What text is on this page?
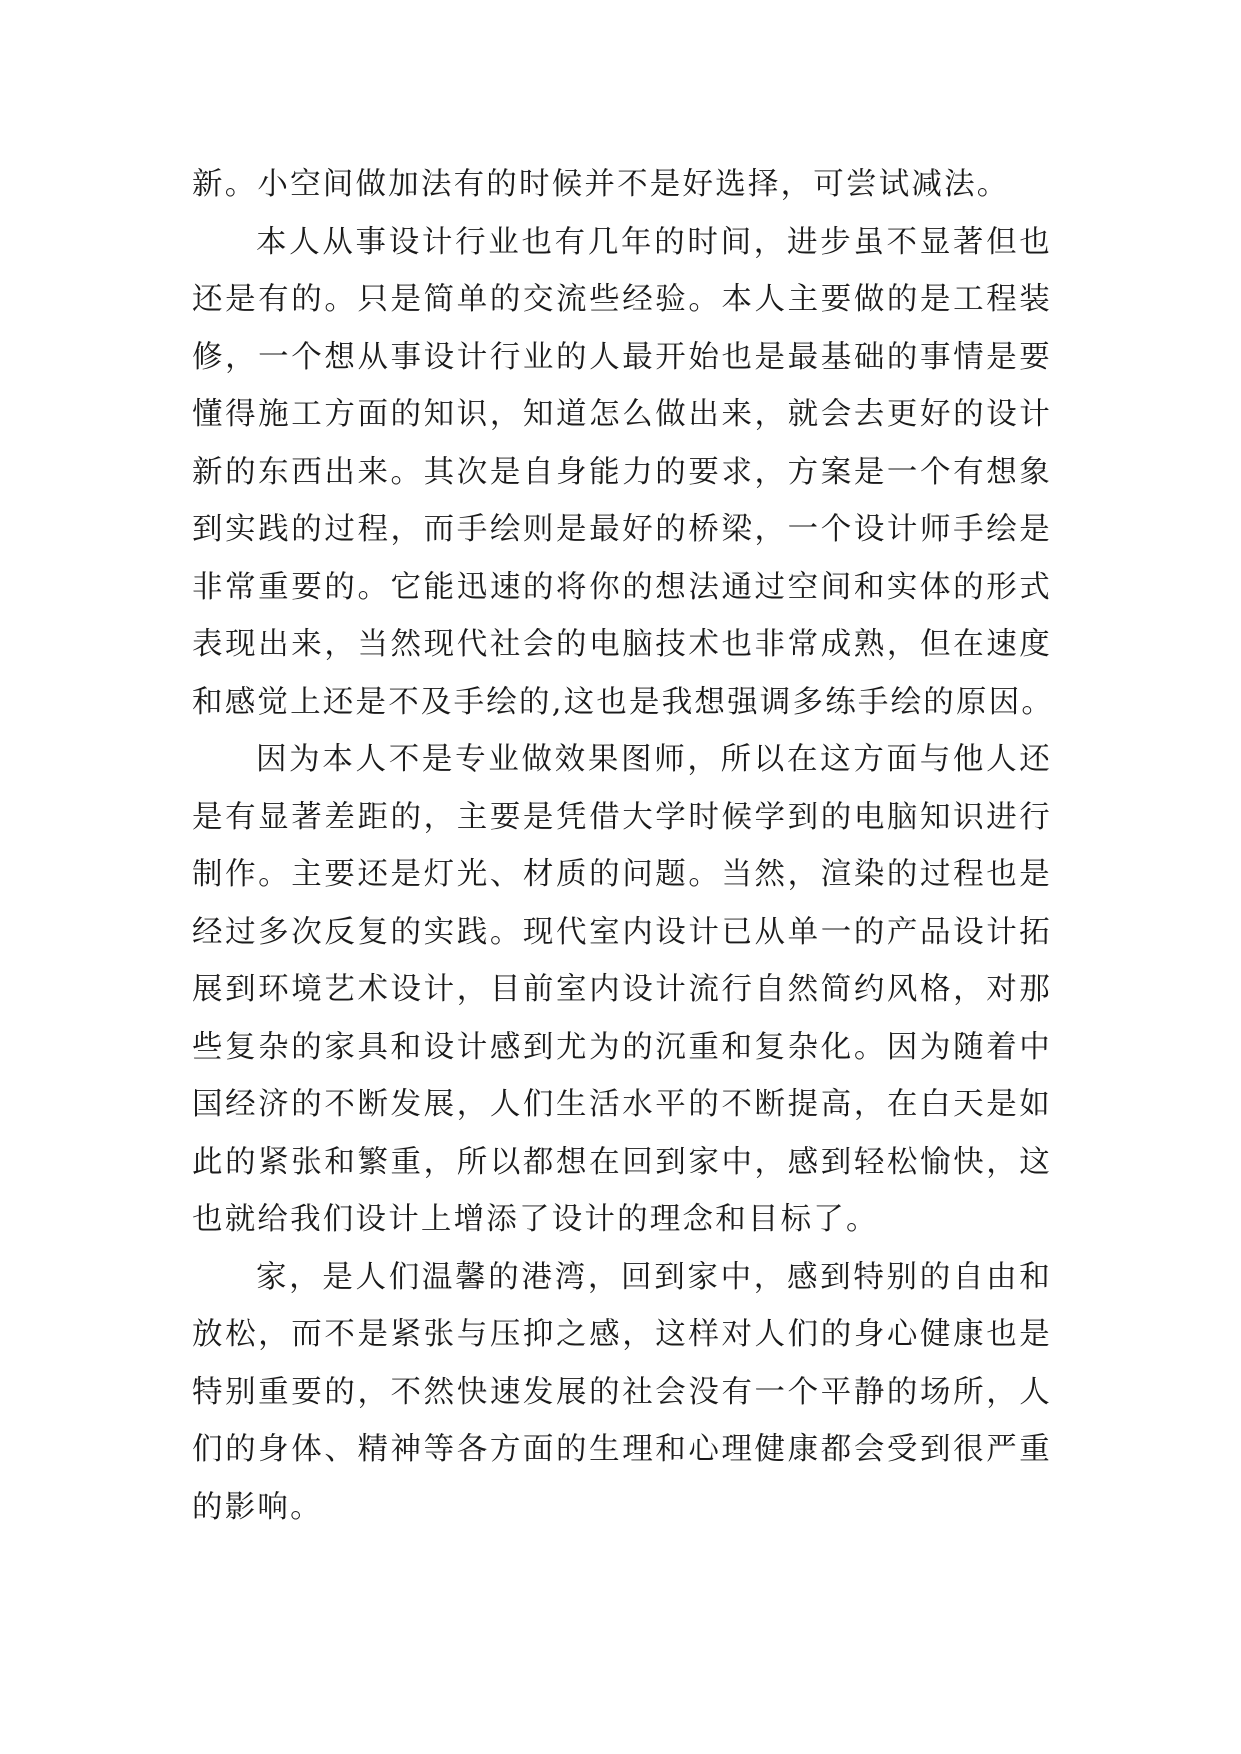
新。小空间做加法有的时候并不是好选择，可尝试减法。
本人从事设计行业也有几年的时间，进步虽不显著但也
还是有的。只是简单的交流些经验。本人主要做的是工程装
修，一个想从事设计行业的人最开始也是最基础的事情是要
懂得施工方面的知识，知道怎么做出来，就会去更好的设计
新的东西出来。其次是自身能力的要求，方案是一个有想象
到实践的过程，而手绘则是最好的桥梁，一个设计师手绘是
非常重要的。它能迅速的将你的想法通过空间和实体的形式
表现出来，当然现代社会的电脑技术也非常成熟，但在速度
和感觉上还是不及手绘的,这也是我想强调多练手绘的原因。
因为本人不是专业做效果图师，所以在这方面与他人还
是有显著差距的，主要是凭借大学时候学到的电脑知识进行
制作。主要还是灯光、材质的问题。当然，渲染的过程也是
经过多次反复的实践。现代室内设计已从单一的产品设计拓
展到环境艺术设计，目前室内设计流行自然简约风格，对那
些复杂的家具和设计感到尤为的沉重和复杂化。因为随着中
国经济的不断发展，人们生活水平的不断提高，在白天是如
此的紧张和繁重，所以都想在回到家中，感到轻松愉快，这
也就给我们设计上增添了设计的理念和目标了。
家，是人们温馨的港湾，回到家中，感到特别的自由和
放松，而不是紧张与压抑之感，这样对人们的身心健康也是
特别重要的，不然快速发展的社会没有一个平静的场所，人
们的身体、精神等各方面的生理和心理健康都会受到很严重
的影响。
